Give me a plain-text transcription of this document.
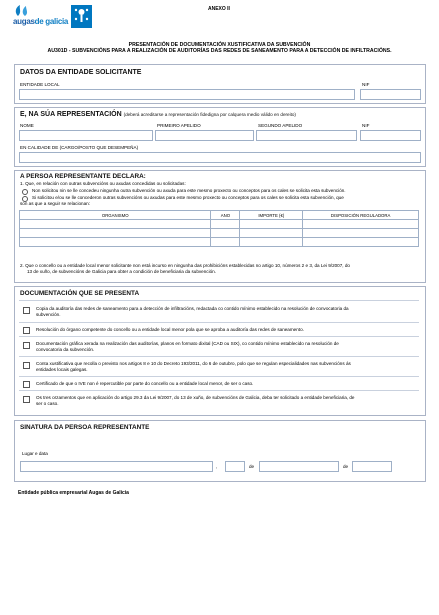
augasde galicia
ANEXO II
PRESENTACIÓN DE DOCUMENTACIÓN XUSTIFICATIVA DA SUBVENCIÓN
AU301D - SUBVENCIÓNS PARA A REALIZACIÓN DE AUDITORÍAS DAS REDES DE SANEAMENTO PARA A DETECCIÓN DE INFILTRACIÓNS.
DATOS DA ENTIDADE SOLICITANTE
ENTIDADE LOCAL	NIF
E, NA SÚA REPRESENTACIÓN (deberá acreditarse a representación fidedigna por calquera medio válido en dereito)
NOME	PRIMEIRO APELIDO	SEGUNDO APELIDO	NIF
EN CALIDADE DE (CARGO/POSTO QUE DESEMPEÑA)
A PERSOA REPRESENTANTE DECLARA:
1. Que, en relación con outras subvencións ou axudas concedidas ou solicitadas:
Non solicitou nin se lle concedeu ningunha outra subvención ou axuda para este mesmo proxecto ou conceptos para os cales se solicita esta subvención.
Si solicitou e/ou se lle concederon outras subvencións ou axudas para este mesmo proxecto ou conceptos para os cales se solicita esta subvención, que
son as que a seguir se relacionan:
ORGANISMO	ANO	IMPORTE (€)	DISPOSICIÓN REGULADORA

2. Que o concello ou a entidade local menor solicitante non está incurso en ningunha das prohibicións establecidas no artigo 10, números 2 e 3, da Lei 9/2007, do
13 de xuño, de subvencións de Galicia para obter a condición de beneficiaria da subvención.
DOCUMENTACIÓN QUE SE PRESENTA
Copia da auditoría das redes de saneamento para a detección de infiltracións, redactada co contido mínimo establecido na resolución de convocatoria da
subvención.
Resolución do órgano competente do concello ou a entidade local menor pola que se aproba a auditoría das redes de saneamento.
Documentación gráfica xerada na realización das auditorías, planos en formato dixital (CAD ou SIX), co contido mínimo establecido na resolución de
convocatoria da subvención.
Conta xustificativa que recolla o previsto nos artigos 8 e 10 do Decreto 193/2011, do 6 de outubro, polo que se regulan especialidades nas subvencións ás
entidades locais galegas.
Certificado de que o IVE non é repercutible por parte do concello ou a entidade local menor, de ser o caso.
Os tres orzamentos que en aplicación do artigo 29.3 da Lei 9/2007, do 13 de xuño, de subvencións de Galicia, deba ter solicitado a entidade beneficiaria, de
ser o caso.
SINATURA DA PERSOA REPRESENTANTE
Lugar e data
,	de	de
Entidade pública empresarial Augas de Galicia
